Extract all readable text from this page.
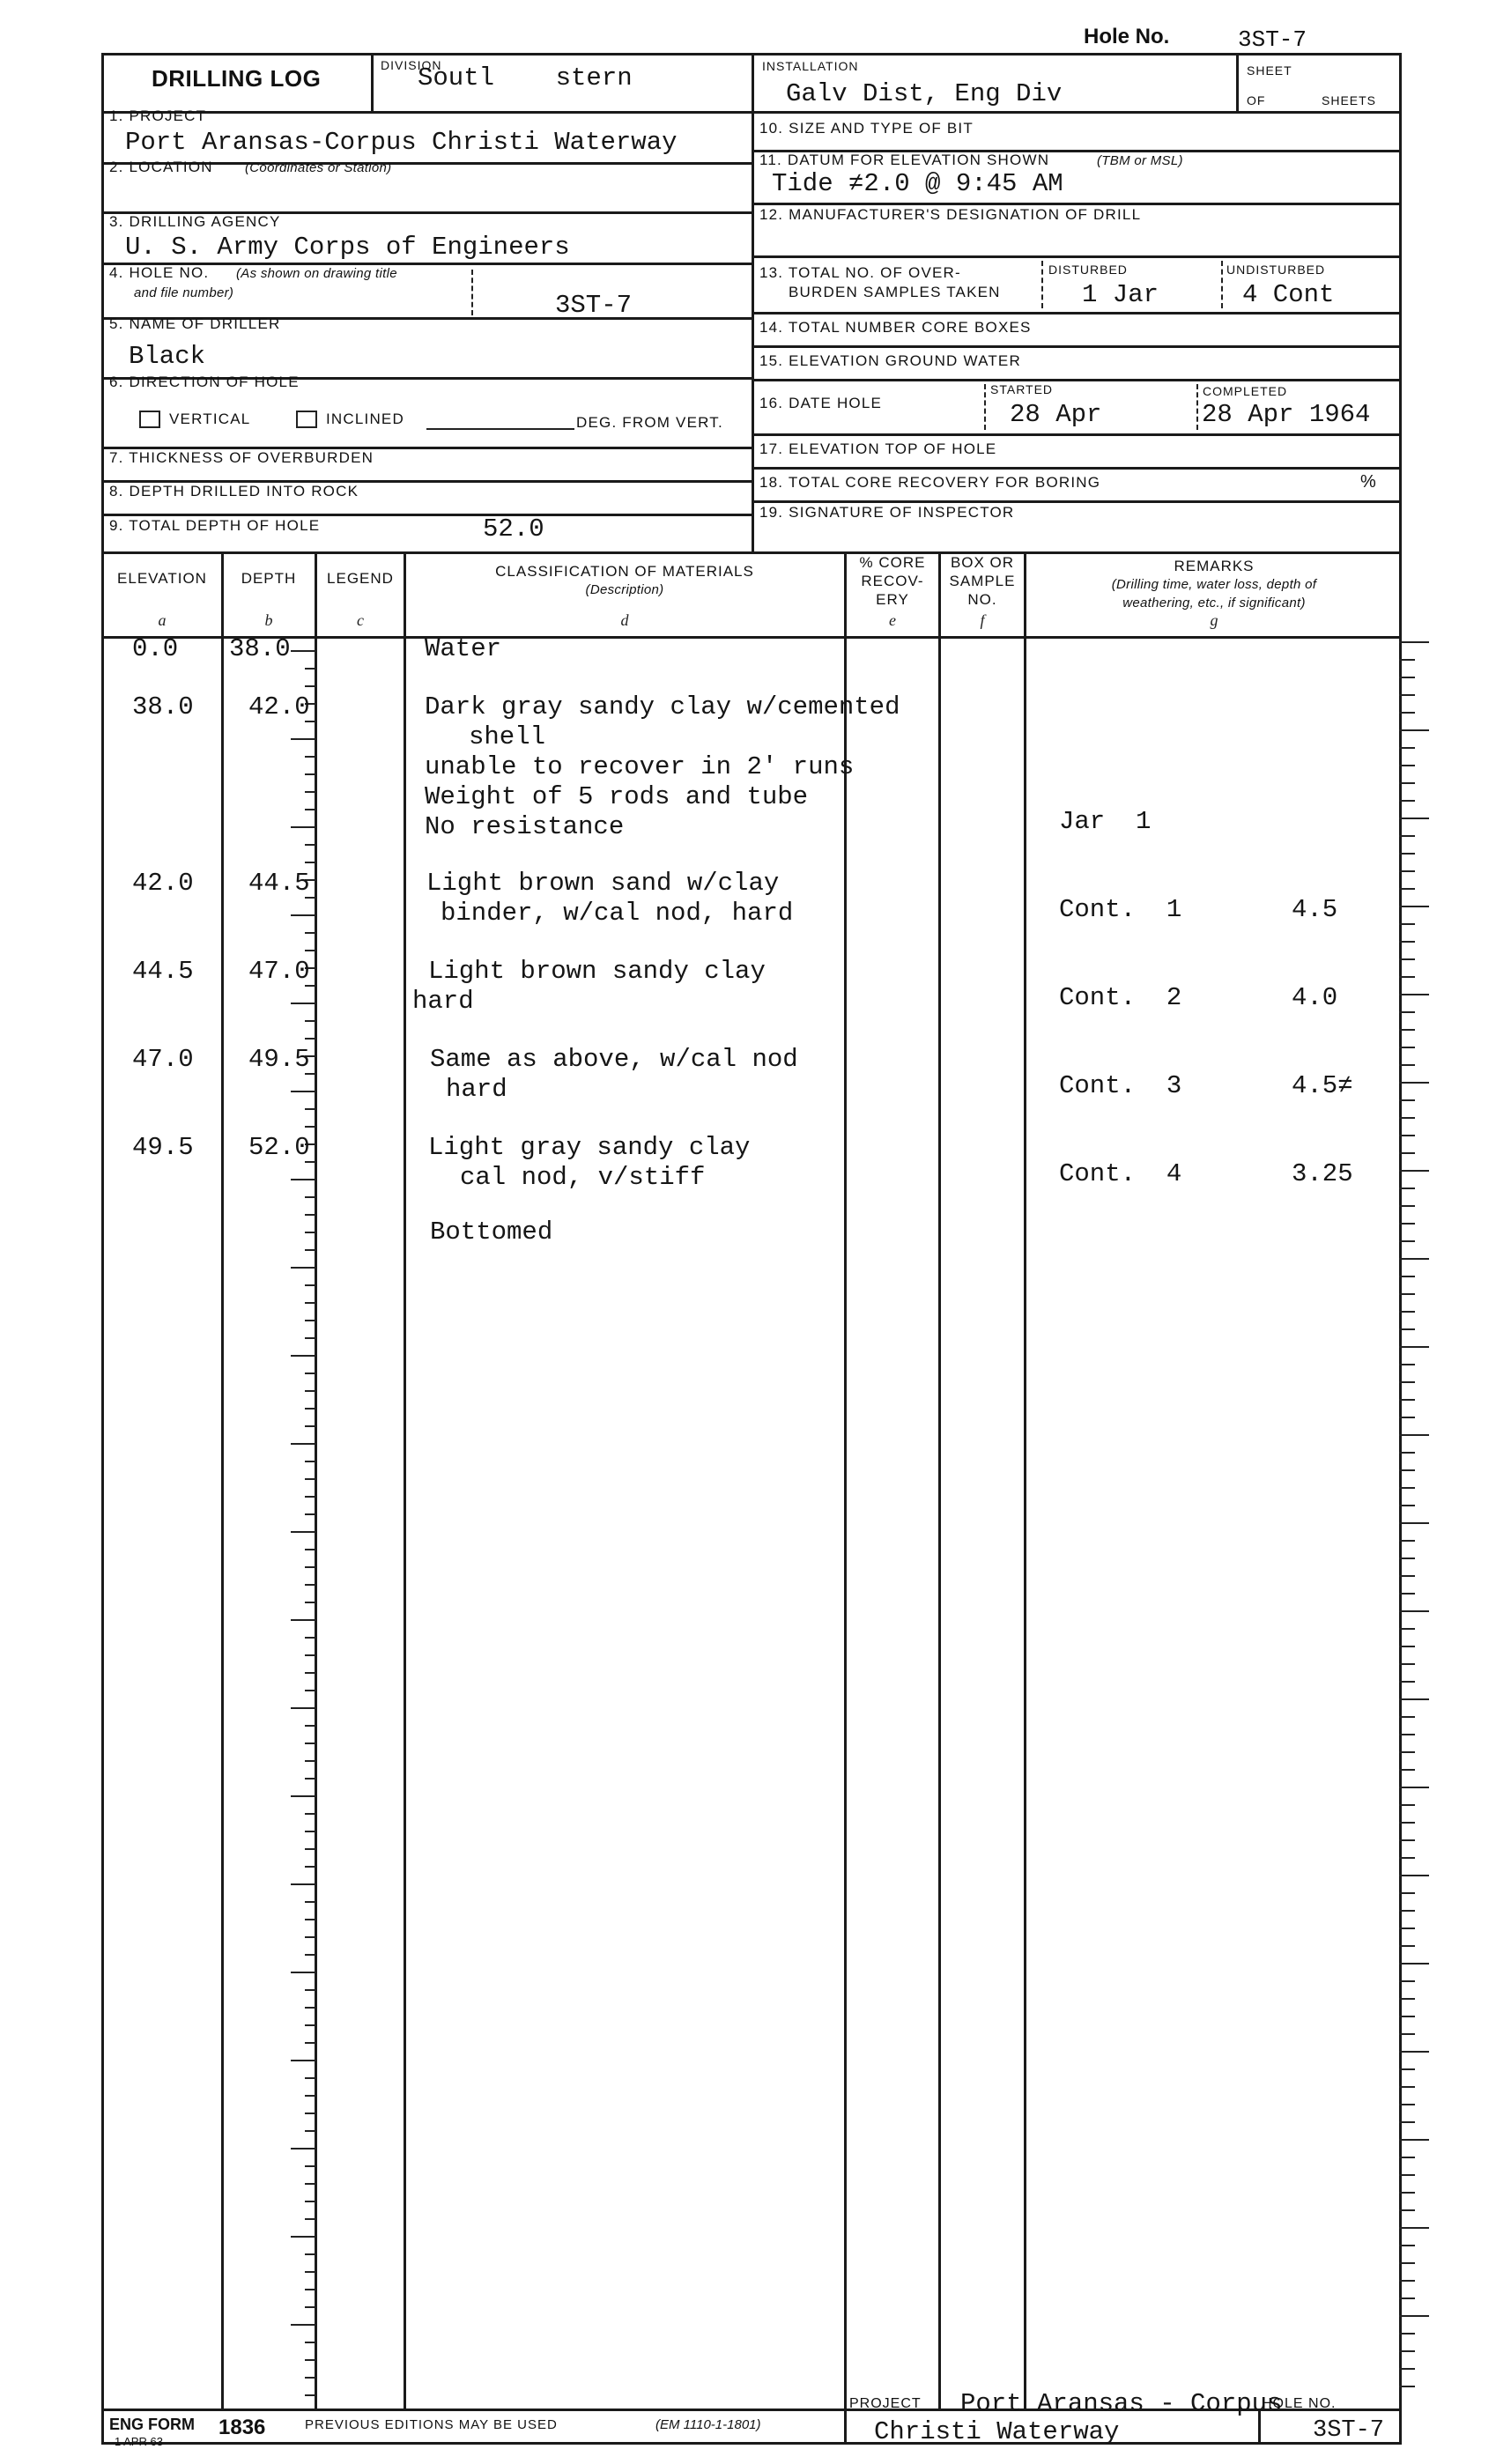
Hole No.	3ST-7
DRILLING LOG	DIVISION
Soutl    stern	INSTALLATION
Galv Dist, Eng Div
SHEET
OF	SHEETS
1. PROJECT
Port Aransas-Corpus Christi Waterway
2. LOCATION (Coordinates or Station)
3. DRILLING AGENCY
U. S. Army Corps of Engineers
4. HOLE NO. (As shown on drawing title
and file number)	3ST-7
5. NAME OF DRILLER
Black
6. DIRECTION OF HOLE
VERTICAL	INCLINED	DEG. FROM VERT.
7. THICKNESS OF OVERBURDEN
8. DEPTH DRILLED INTO ROCK
9. TOTAL DEPTH OF HOLE	52.0
10. SIZE AND TYPE OF BIT
11. DATUM FOR ELEVATION SHOWN	(TBM or MSL)
Tide ≠2.0 @ 9:45 AM
12. MANUFACTURER'S DESIGNATION OF DRILL
13. TOTAL NO. OF OVER-
BURDEN SAMPLES TAKEN
DISTURBED
1 Jar
UNDISTURBED
4 Cont
14. TOTAL NUMBER CORE BOXES
15. ELEVATION GROUND WATER
16. DATE HOLE
STARTED
28 Apr
COMPLETED
28 Apr 1964
17. ELEVATION TOP OF HOLE
18. TOTAL CORE RECOVERY FOR BORING	%
19. SIGNATURE OF INSPECTOR
ELEVATION	DEPTH	LEGEND	CLASSIFICATION OF MATERIALS
(Description)
% CORE
RECOV-
ERY
BOX OR
SAMPLE
NO.
REMARKS
(Drilling time, water loss, depth of
weathering, etc., if significant)
a	b	c	d	e	f	g
0.0 38.0	Water
38.0 42.0	Dark gray sandy clay w/cemented
shell
unable to recover in 2' runs
Weight of 5 rods and tube
No resistance	Jar  1
42.0 44.5	Light brown sand w/clay
binder, w/cal nod, hard	Cont.  1	4.5
44.5 47.0	Light brown sandy clay
hard	Cont.  2	4.0
47.0 49.5	Same as above, w/cal nod
hard	Cont.  3	4.5≠
49.5 52.0	Light gray sandy clay
cal nod, v/stiff	Cont.  4	3.25
Bottomed
ENG FORM
1 APR 63
1836	PREVIOUS EDITIONS MAY BE USED	(EM 1110-1-1801)
PROJECT Port Aransas - Corpus
Christi Waterway
HOLE NO.
3ST-7
